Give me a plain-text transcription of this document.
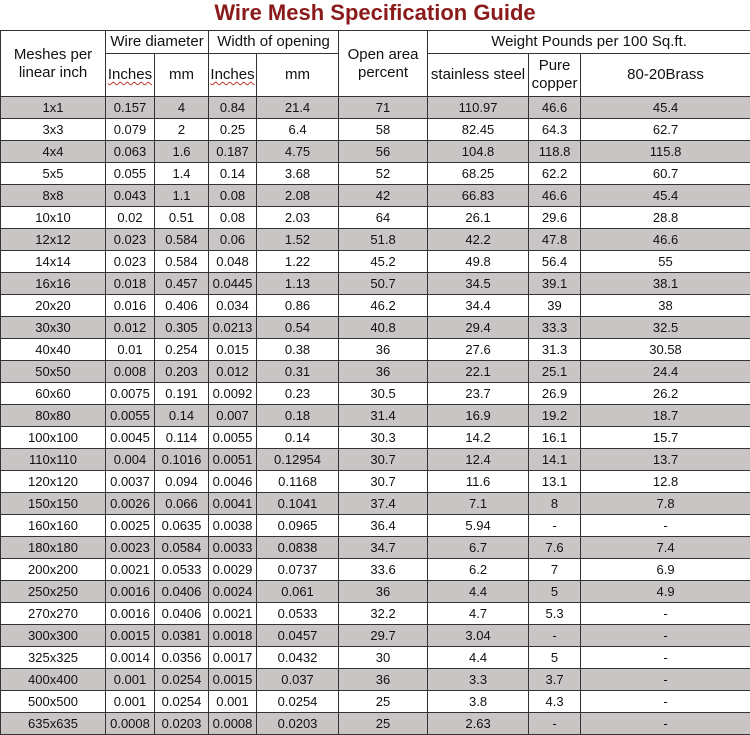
Wire Mesh Specification Guide
Meshes per linear inch	Wire diameter		Width of opening		Open area percent	Weight Pounds per 100 Sq.ft.		
	Inches	mm	Inches	mm		stainless steel	Pure copper	80-20Brass
1x1	0.157	4	0.84	21.4	71	110.97	46.6	45.4
3x3	0.079	2	0.25	6.4	58	82.45	64.3	62.7
4x4	0.063	1.6	0.187	4.75	56	104.8	118.8	115.8
5x5	0.055	1.4	0.14	3.68	52	68.25	62.2	60.7
8x8	0.043	1.1	0.08	2.08	42	66.83	46.6	45.4
10x10	0.02	0.51	0.08	2.03	64	26.1	29.6	28.8
12x12	0.023	0.584	0.06	1.52	51.8	42.2	47.8	46.6
14x14	0.023	0.584	0.048	1.22	45.2	49.8	56.4	55
16x16	0.018	0.457	0.0445	1.13	50.7	34.5	39.1	38.1
20x20	0.016	0.406	0.034	0.86	46.2	34.4	39	38
30x30	0.012	0.305	0.0213	0.54	40.8	29.4	33.3	32.5
40x40	0.01	0.254	0.015	0.38	36	27.6	31.3	30.58
50x50	0.008	0.203	0.012	0.31	36	22.1	25.1	24.4
60x60	0.0075	0.191	0.0092	0.23	30.5	23.7	26.9	26.2
80x80	0.0055	0.14	0.007	0.18	31.4	16.9	19.2	18.7
100x100	0.0045	0.114	0.0055	0.14	30.3	14.2	16.1	15.7
110x110	0.004	0.1016	0.0051	0.12954	30.7	12.4	14.1	13.7
120x120	0.0037	0.094	0.0046	0.1168	30.7	11.6	13.1	12.8
150x150	0.0026	0.066	0.0041	0.1041	37.4	7.1	8	7.8
160x160	0.0025	0.0635	0.0038	0.0965	36.4	5.94	-	-
180x180	0.0023	0.0584	0.0033	0.0838	34.7	6.7	7.6	7.4
200x200	0.0021	0.0533	0.0029	0.0737	33.6	6.2	7	6.9
250x250	0.0016	0.0406	0.0024	0.061	36	4.4	5	4.9
270x270	0.0016	0.0406	0.0021	0.0533	32.2	4.7	5.3	-
300x300	0.0015	0.0381	0.0018	0.0457	29.7	3.04	-	-
325x325	0.0014	0.0356	0.0017	0.0432	30	4.4	5	-
400x400	0.001	0.0254	0.0015	0.037	36	3.3	3.7	-
500x500	0.001	0.0254	0.001	0.0254	25	3.8	4.3	-
635x635	0.0008	0.0203	0.0008	0.0203	25	2.63	-	-
